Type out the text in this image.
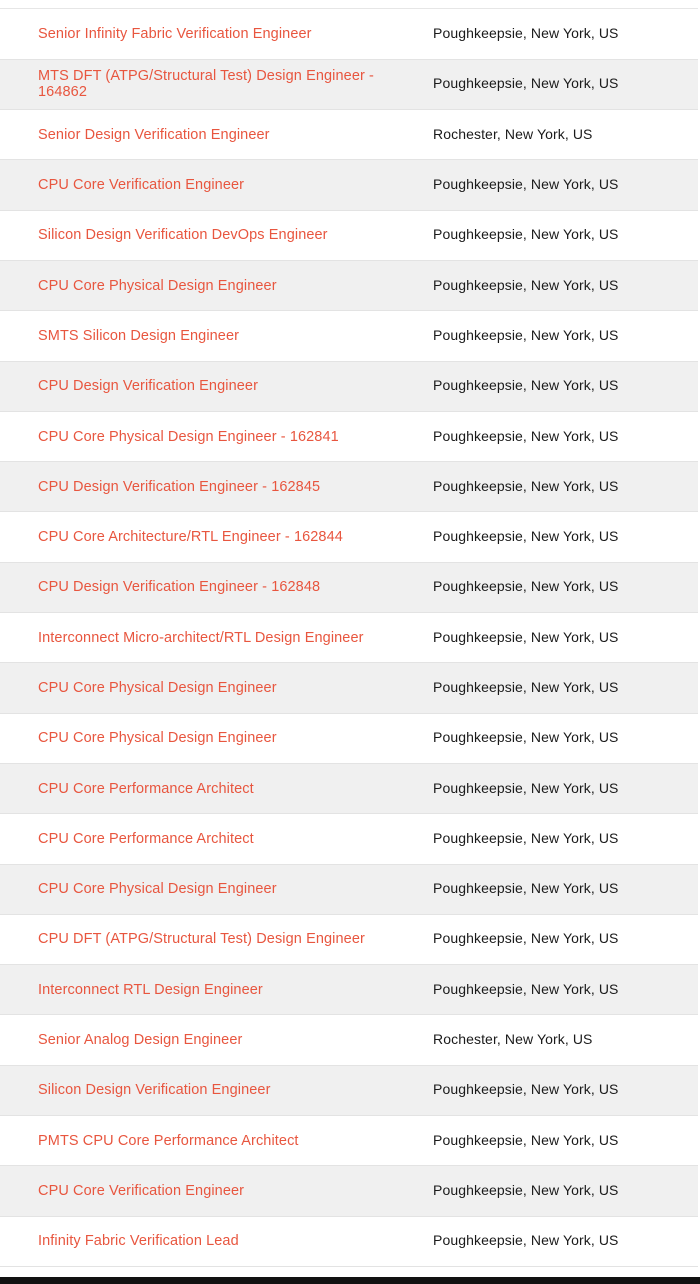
Senior Infinity Fabric Verification Engineer	Poughkeepsie, New York, US
MTS DFT (ATPG/Structural Test) Design Engineer - 164862	Poughkeepsie, New York, US
Senior Design Verification Engineer	Rochester, New York, US
CPU Core Verification Engineer	Poughkeepsie, New York, US
Silicon Design Verification DevOps Engineer	Poughkeepsie, New York, US
CPU Core Physical Design Engineer	Poughkeepsie, New York, US
SMTS Silicon Design Engineer	Poughkeepsie, New York, US
CPU Design Verification Engineer	Poughkeepsie, New York, US
CPU Core Physical Design Engineer - 162841	Poughkeepsie, New York, US
CPU Design Verification Engineer - 162845	Poughkeepsie, New York, US
CPU Core Architecture/RTL Engineer - 162844	Poughkeepsie, New York, US
CPU Design Verification Engineer - 162848	Poughkeepsie, New York, US
Interconnect Micro-architect/RTL Design Engineer	Poughkeepsie, New York, US
CPU Core Physical Design Engineer	Poughkeepsie, New York, US
CPU Core Physical Design Engineer	Poughkeepsie, New York, US
CPU Core Performance Architect	Poughkeepsie, New York, US
CPU Core Performance Architect	Poughkeepsie, New York, US
CPU Core Physical Design Engineer	Poughkeepsie, New York, US
CPU DFT (ATPG/Structural Test) Design Engineer	Poughkeepsie, New York, US
Interconnect RTL Design Engineer	Poughkeepsie, New York, US
Senior Analog Design Engineer	Rochester, New York, US
Silicon Design Verification Engineer	Poughkeepsie, New York, US
PMTS CPU Core Performance Architect	Poughkeepsie, New York, US
CPU Core Verification Engineer	Poughkeepsie, New York, US
Infinity Fabric Verification Lead	Poughkeepsie, New York, US
